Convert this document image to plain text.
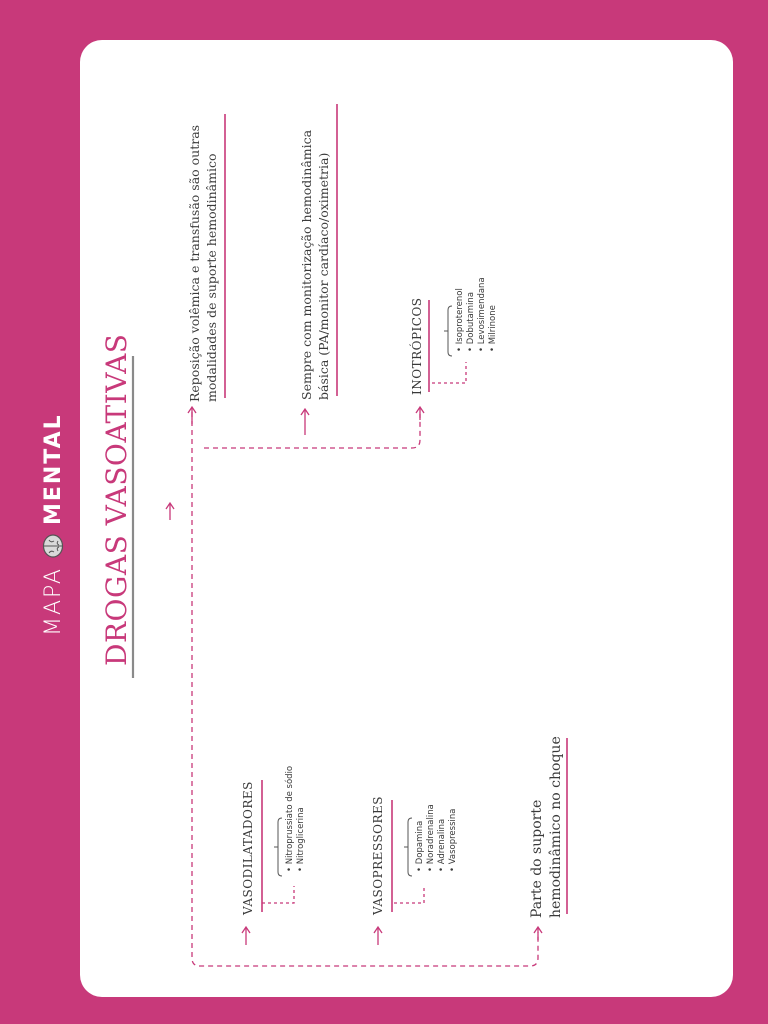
MAPA
MENTAL DROGAS VASOATIVAS
Reposição volêmica e transfusão são outras modalidades de suporte hemodinâmico	Sempre com monitorização hemodinâmica básica (PA/monitor cardíaco/oximetria)
Parte do suporte hemodinâmico no choque
INOTRÓPICOS
VASODILATADORES	VASOPRESSORES
• Isoproterenol • Dobutamina • Levosimendana • Milrinone
• Nitroprussiato de sódio • Nitroglicerina	• Dopamina • Noradrenalina • Adrenalina • Vasopressina
